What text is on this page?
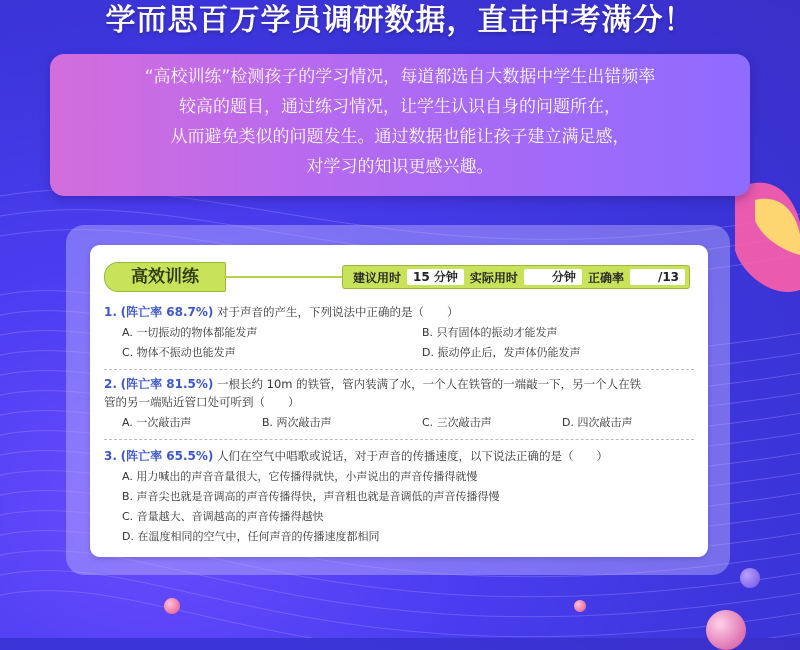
学而思百万学员调研数据，直击中考满分！
“高校训练”检测孩子的学习情况，每道都选自大数据中学生出错频率
较高的题目，通过练习情况，让学生认识自身的问题所在，
从而避免类似的问题发生。通过数据也能让孩子建立满足感，
对学习的知识更感兴趣。
高效训练	建议用时	15 分钟	实际用时	分钟	正确率	/13
1. (阵亡率 68.7%) 对于声音的产生，下列说法中正确的是（　　）
A. 一切振动的物体都能发声	B. 只有固体的振动才能发声
C. 物体不振动也能发声	D. 振动停止后，发声体仍能发声
2. (阵亡率 81.5%) 一根长约 10m 的铁管，管内装满了水，一个人在铁管的一端敲一下，另一个人在铁
管的另一端贴近管口处可听到（　　）
A. 一次敲击声	B. 两次敲击声	C. 三次敲击声	D. 四次敲击声
3. (阵亡率 65.5%) 人们在空气中唱歌或说话，对于声音的传播速度，以下说法正确的是（　　）
A. 用力喊出的声音音量很大，它传播得就快，小声说出的声音传播得就慢
B. 声音尖也就是音调高的声音传播得快，声音粗也就是音调低的声音传播得慢
C. 音量越大、音调越高的声音传播得越快
D. 在温度相同的空气中，任何声音的传播速度都相同
